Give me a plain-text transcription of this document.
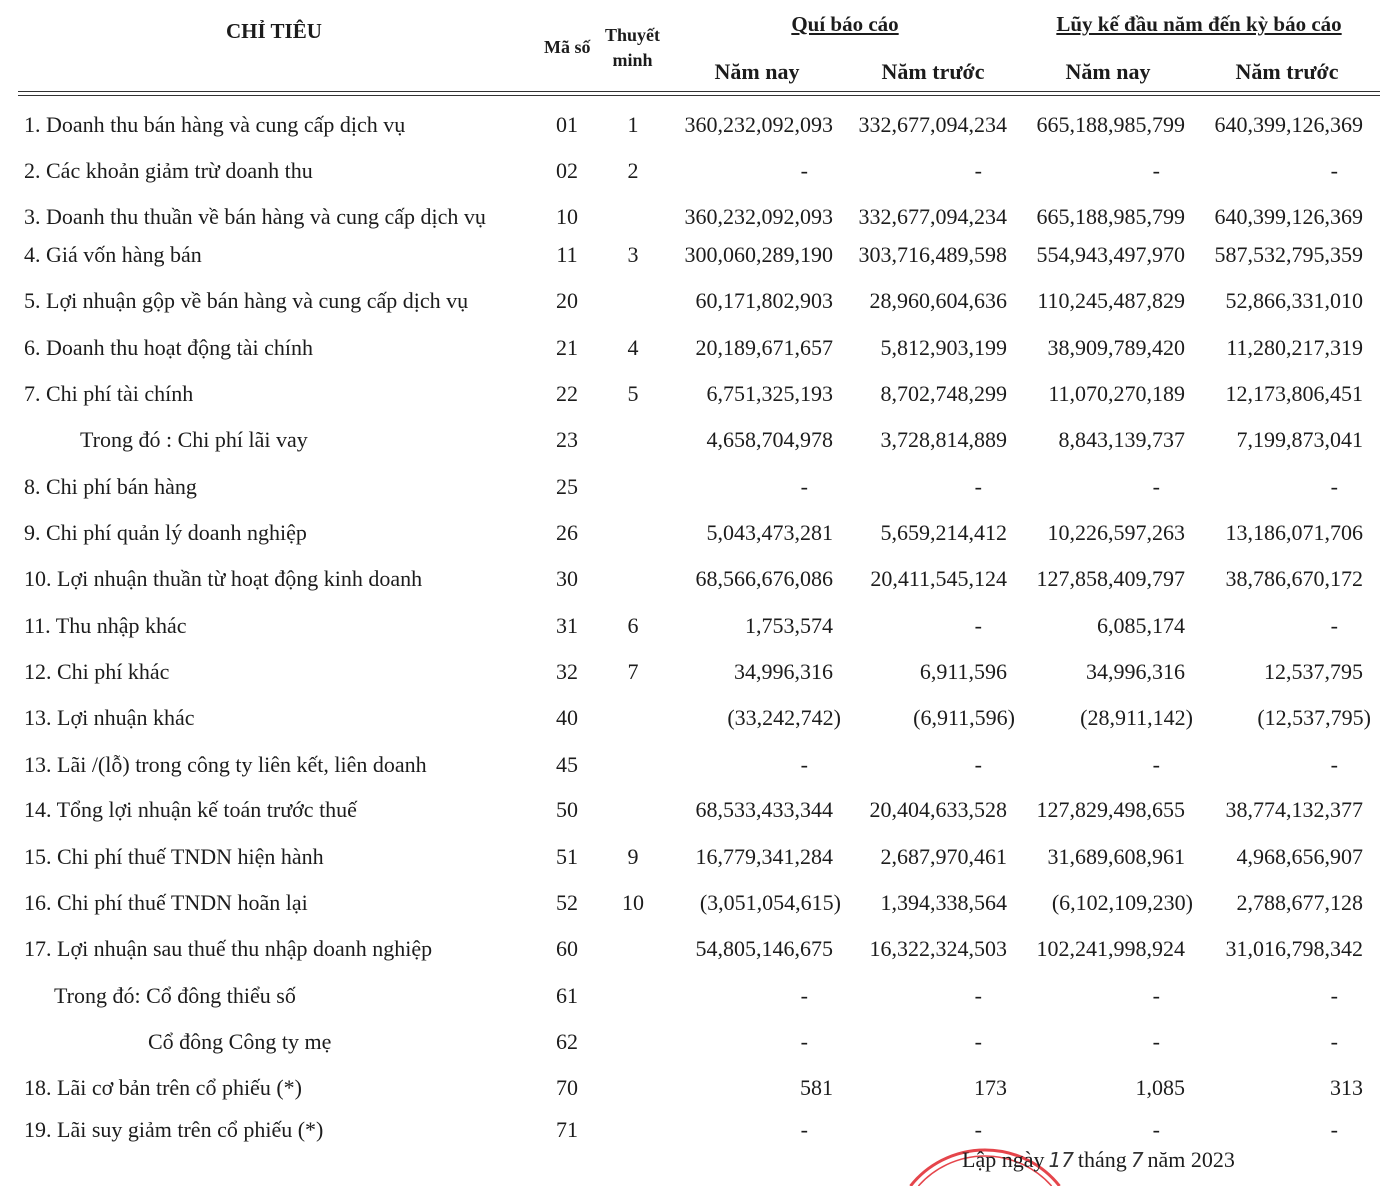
CHỈ TIÊU
Mã số
Thuyết
minh
Quí báo cáo	Lũy kế đầu năm đến kỳ báo cáo
Năm nay	Năm trước	Năm nay	Năm trước
1. Doanh thu bán hàng và cung cấp dịch vụ	01 1 360,232,092,093 332,677,094,234 665,188,985,799 640,399,126,369
2. Các khoản giảm trừ doanh thu	02 2	-	-	-	-
3. Doanh thu thuần về bán hàng và cung cấp dịch vụ	10	360,232,092,093 332,677,094,234 665,188,985,799 640,399,126,369
4. Giá vốn hàng bán	11 3 300,060,289,190 303,716,489,598 554,943,497,970 587,532,795,359
5. Lợi nhuận gộp về bán hàng và cung cấp dịch vụ	20	60,171,802,903 28,960,604,636 110,245,487,829 52,866,331,010
6. Doanh thu hoạt động tài chính	21 4	20,189,671,657 5,812,903,199 38,909,789,420 11,280,217,319
7. Chi phí tài chính	22 5	6,751,325,193 8,702,748,299 11,070,270,189 12,173,806,451
Trong đó : Chi phí lãi vay	23	4,658,704,978 3,728,814,889 8,843,139,737 7,199,873,041
8. Chi phí bán hàng	25	-	-	-	-
9. Chi phí quản lý doanh nghiệp	26	5,043,473,281 5,659,214,412 10,226,597,263 13,186,071,706
10. Lợi nhuận thuần từ hoạt động kinh doanh	30	68,566,676,086 20,411,545,124 127,858,409,797 38,786,670,172
11. Thu nhập khác	31 6	1,753,574	-	6,085,174	-
12. Chi phí khác	32 7	34,996,316	6,911,596	34,996,316	12,537,795
13. Lợi nhuận khác	40	(33,242,742)	(6,911,596)	(28,911,142)	(12,537,795)
13. Lãi /(lỗ) trong công ty liên kết, liên doanh	45	-	-	-	-
14. Tổng lợi nhuận kế toán trước thuế	50	68,533,433,344 20,404,633,528 127,829,498,655 38,774,132,377
15. Chi phí thuế TNDN hiện hành	51 9	16,779,341,284 2,687,970,461 31,689,608,961 4,968,656,907
16. Chi phí thuế TNDN hoãn lại	52 10	(3,051,054,615) 1,394,338,564 (6,102,109,230) 2,788,677,128
17. Lợi nhuận sau thuế thu nhập doanh nghiệp	60	54,805,146,675 16,322,324,503 102,241,998,924 31,016,798,342
Trong đó: Cổ đông thiểu số	61	-	-	-	-
Cổ đông Công ty mẹ	62	-	-	-	-
18. Lãi cơ bản trên cổ phiếu (*)	70	581	173	1,085	313
19. Lãi suy giảm trên cổ phiếu (*)	71	-	-	-	-
Lập ngày 17 tháng 7 năm 2023
